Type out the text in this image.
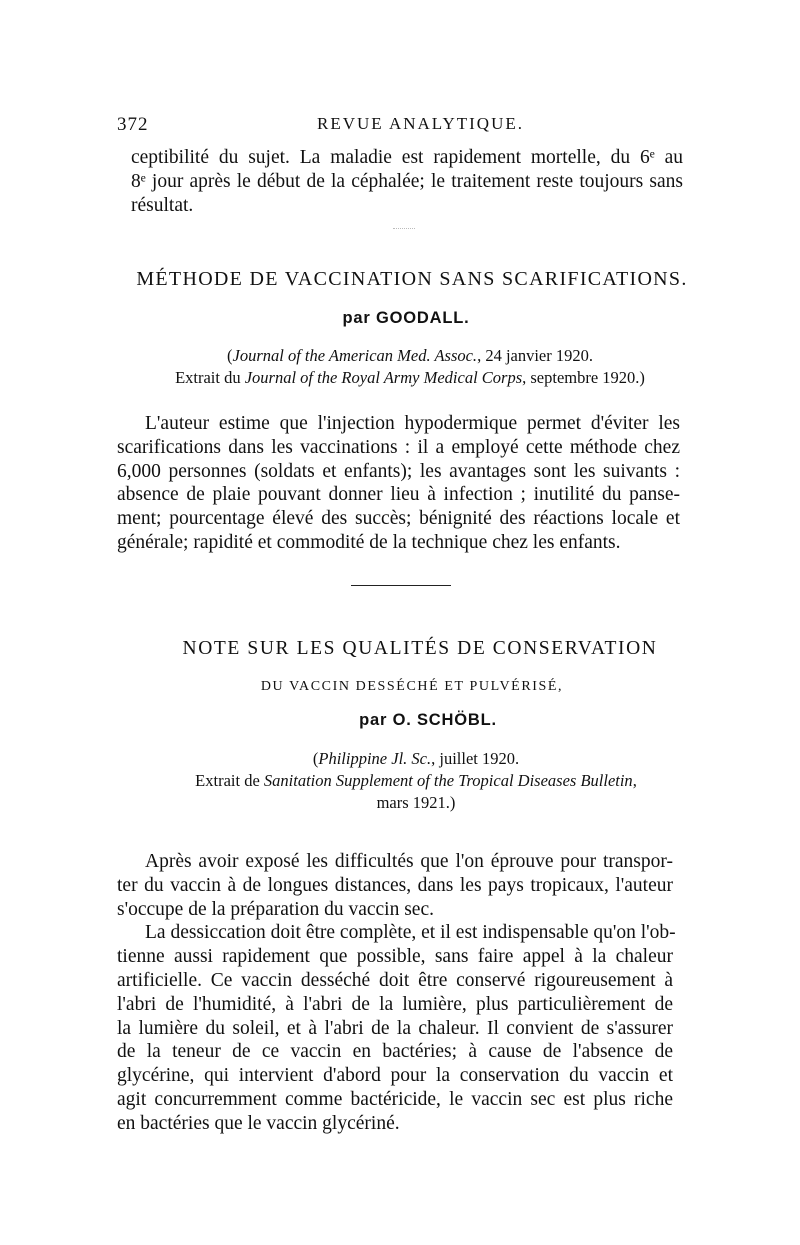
372	REVUE ANALYTIQUE.
ceptibilité du sujet. La maladie est rapidement mortelle, du 6ᵉ au
8ᵉ jour après le début de la céphalée; le traitement reste toujours sans
résultat.
MÉTHODE DE VACCINATION SANS SCARIFICATIONS.
par GOODALL.
(Journal of the American Med. Assoc., 24 janvier 1920.
Extrait du Journal of the Royal Army Medical Corps, septembre 1920.)
L'auteur estime que l'injection hypodermique permet d'éviter les
scarifications dans les vaccinations : il a employé cette méthode chez
6,000 personnes (soldats et enfants); les avantages sont les suivants :
absence de plaie pouvant donner lieu à infection ; inutilité du panse-
ment; pourcentage élevé des succès; bénignité des réactions locale et
générale; rapidité et commodité de la technique chez les enfants.
NOTE SUR LES QUALITÉS DE CONSERVATION
DU VACCIN DESSÉCHÉ ET PULVÉRISÉ,
par O. SCHÖBL.
(Philippine Jl. Sc., juillet 1920.
Extrait de Sanitation Supplement of the Tropical Diseases Bulletin,
mars 1921.)
Après avoir exposé les difficultés que l'on éprouve pour transpor-
ter du vaccin à de longues distances, dans les pays tropicaux, l'auteur
s'occupe de la préparation du vaccin sec.
La dessiccation doit être complète, et il est indispensable qu'on l'ob-
tienne aussi rapidement que possible, sans faire appel à la chaleur
artificielle. Ce vaccin desséché doit être conservé rigoureusement à
l'abri de l'humidité, à l'abri de la lumière, plus particulièrement de
la lumière du soleil, et à l'abri de la chaleur. Il convient de s'assurer
de la teneur de ce vaccin en bactéries; à cause de l'absence de
glycérine, qui intervient d'abord pour la conservation du vaccin et
agit concurremment comme bactéricide, le vaccin sec est plus riche
en bactéries que le vaccin glycériné.
